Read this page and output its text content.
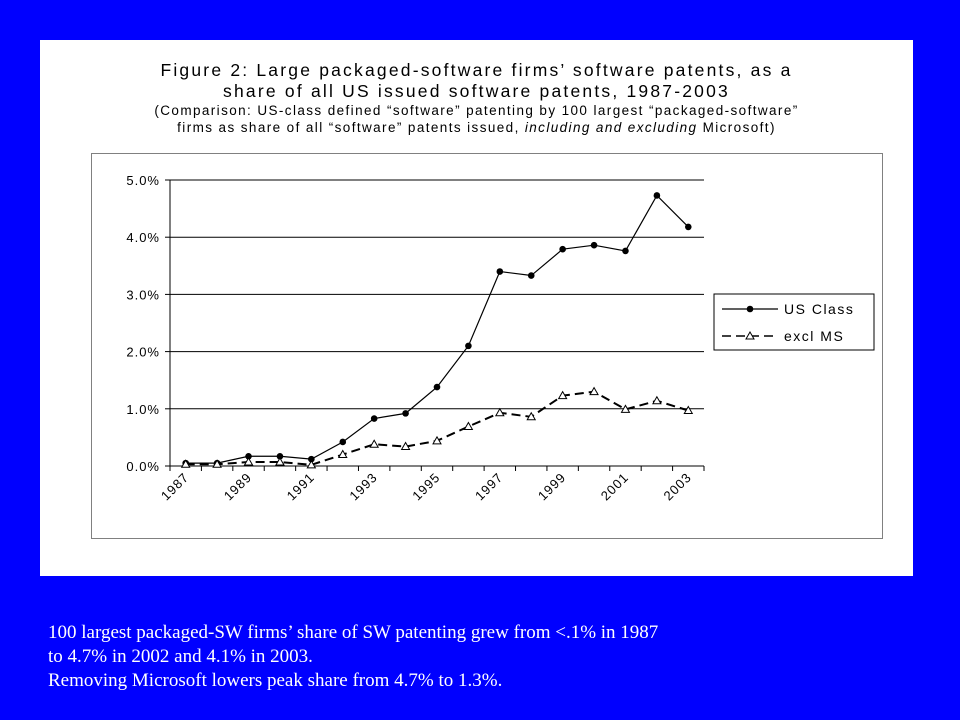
Figure 2: Large packaged-software firms’ software patents, as a
share of all US issued software patents, 1987-2003
(Comparison: US-class defined “software” patenting by 100 largest “packaged-software”
firms as share of all “software” patents issued, including and excluding Microsoft)
0.0%
1.0%
2.0%
3.0%
4.0%
5.0%
1987 1989 1991 1993 1995 1997 1999 2001 2003
US Class
excl MS
100 largest packaged-SW firms’ share of SW patenting grew from <.1% in 1987
to 4.7% in 2002 and 4.1% in 2003.
Removing Microsoft lowers peak share from 4.7% to 1.3%.
